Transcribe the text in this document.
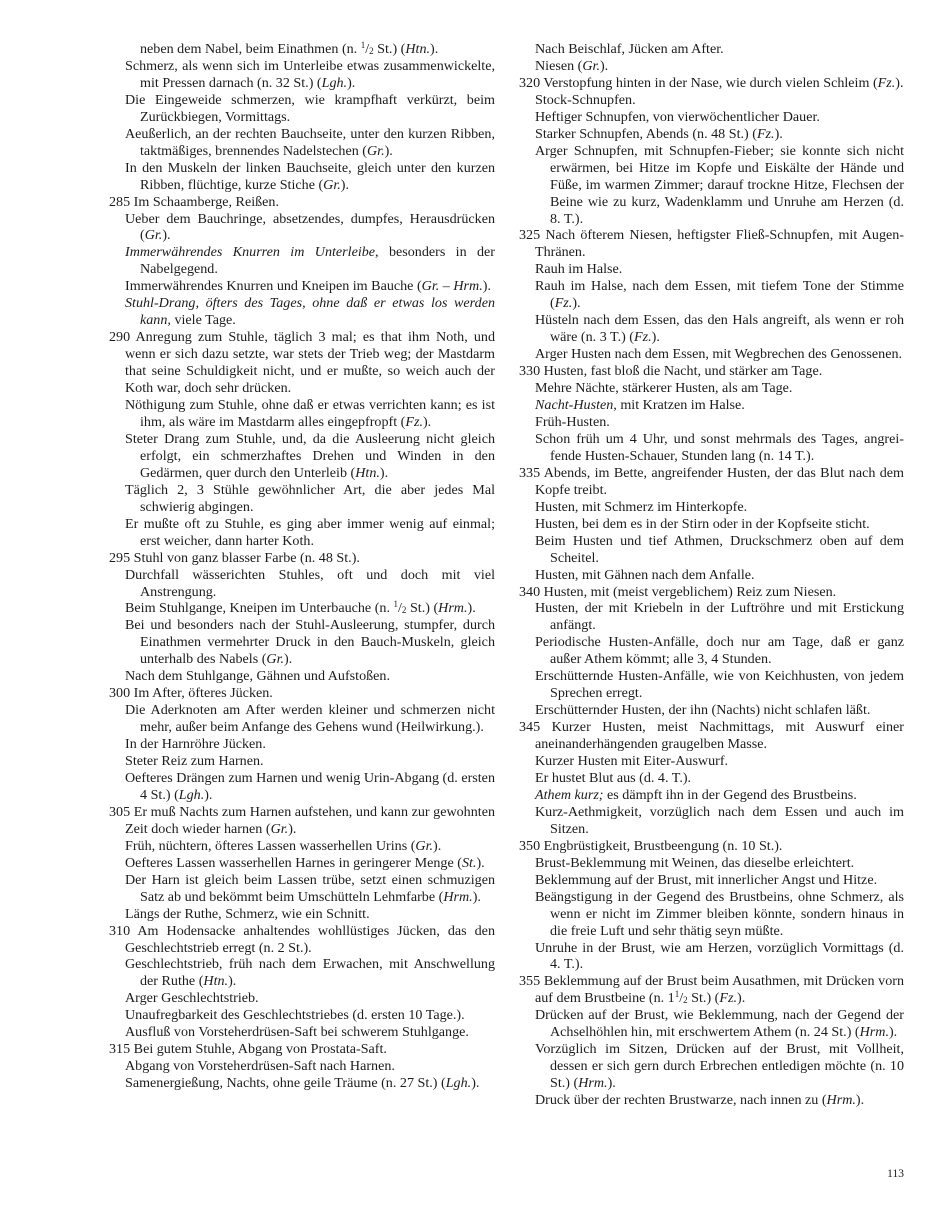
neben dem Nabel, beim Einathmen (n. $^1/_2$ St.) (Htn.).

Schmerz, als wenn sich im Unterleibe etwas zusammenwickelte, mit Pressen darnach (n. 32 St.) (Lgh.).

Die Eingeweide schmerzen, wie krampfhaft verkürzt, beim Zurückbiegen, Vormittags.

Aeußerlich, an der rechten Bauchseite, unter den kurzen Ribben, taktmäßiges, brennendes Nadelstechen (Gr.).

In den Muskeln der linken Bauchseite, gleich unter den kurzen Ribben, flüchtige, kurze Stiche (Gr.).

285 Im Schaamberge, Reißen.

Ueber dem Bauchringe, absetzendes, dumpfes, Herausdrücken (Gr.).

Immerwährendes Knurren im Unterleibe, besonders in der Nabelgegend.

Immerwährendes Knurren und Kneipen im Bauche (Gr. – Hrm.).

Stuhl-Drang, öfters des Tages, ohne daß er etwas los werden kann, viele Tage.

290 Anregung zum Stuhle, täglich 3 mal; es that ihm Noth, und wenn er sich dazu setzte, war stets der Trieb weg; der Mastdarm that seine Schuldigkeit nicht, und er mußte, so weich auch der Koth war, doch sehr drücken.

Nöthigung zum Stuhle, ohne daß er etwas verrichten kann; es ist ihm, als wäre im Mastdarm alles eingepfropft (Fz.).

Steter Drang zum Stuhle, und, da die Ausleerung nicht gleich erfolgt, ein schmerzhaftes Drehen und Winden in den Gedärmen, quer durch den Unterleib (Htn.).

Täglich 2, 3 Stühle gewöhnlicher Art, die aber jedes Mal schwierig abgingen.

Er mußte oft zu Stuhle, es ging aber immer wenig auf einmal; erst weicher, dann harter Koth.

295 Stuhl von ganz blasser Farbe (n. 48 St.).

Durchfall wässerichten Stuhles, oft und doch mit viel Anstrengung.

Beim Stuhlgange, Kneipen im Unterbauche (n. $^1/_2$ St.) (Hrm.).

Bei und besonders nach der Stuhl-Ausleerung, stumpfer, durch Einathmen vermehrter Druck in den Bauch-Muskeln, gleich unterhalb des Nabels (Gr.).

Nach dem Stuhlgange, Gähnen und Aufstoßen.

300 Im After, öfteres Jücken.

Die Aderknoten am After werden kleiner und schmerzen nicht mehr, außer beim Anfange des Gehens wund (Heilwirkung.).

In der Harnröhre Jücken.

Steter Reiz zum Harnen.

Oefteres Drängen zum Harnen und wenig Urin-Abgang (d. ersten 4 St.) (Lgh.).

305 Er muß Nachts zum Harnen aufstehen, und kann zur gewohnten Zeit doch wieder harnen (Gr.).

Früh, nüchtern, öfteres Lassen wasserhellen Urins (Gr.).

Oefteres Lassen wasserhellen Harnes in geringerer Menge (St.).

Der Harn ist gleich beim Lassen trübe, setzt einen schmuzigen Satz ab und bekömmt beim Umschütteln Lehmfarbe (Hrm.).

Längs der Ruthe, Schmerz, wie ein Schnitt.

310 Am Hodensacke anhaltendes wohllüstiges Jücken, das den Geschlechtstrieb erregt (n. 2 St.).

Geschlechtstrieb, früh nach dem Erwachen, mit Anschwellung der Ruthe (Htn.).

Arger Geschlechtstrieb.

Unaufregbarkeit des Geschlechtstriebes (d. ersten 10 Tage.).

Ausfluß von Vorsteherdrüsen-Saft bei schwerem Stuhlgange.

315 Bei gutem Stuhle, Abgang von Prostata-Saft.

Abgang von Vorsteherdrüsen-Saft nach Harnen.

Samenergießung, Nachts, ohne geile Träume (n. 27 St.) (Lgh.).

Nach Beischlaf, Jücken am After.

Niesen (Gr.).

320 Verstopfung hinten in der Nase, wie durch vielen Schleim (Fz.).

Stock-Schnupfen.

Heftiger Schnupfen, von vierwöchentlicher Dauer.

Starker Schnupfen, Abends (n. 48 St.) (Fz.).

Arger Schnupfen, mit Schnupfen-Fieber; sie konnte sich nicht erwärmen, bei Hitze im Kopfe und Eiskälte der Hände und Füße, im warmen Zimmer; darauf trockne Hitze, Flechsen der Beine wie zu kurz, Wadenklamm und Unruhe am Herzen (d. 8. T.).

325 Nach öfterem Niesen, heftigster Fließ-Schnupfen, mit Augen-Thränen.

Rauh im Halse.

Rauh im Halse, nach dem Essen, mit tiefem Tone der Stimme (Fz.).

Hüsteln nach dem Essen, das den Hals angreift, als wenn er roh wäre (n. 3 T.) (Fz.).

Arger Husten nach dem Essen, mit Wegbrechen des Genossenen.

330 Husten, fast bloß die Nacht, und stärker am Tage.

Mehre Nächte, stärkerer Husten, als am Tage.

Nacht-Husten, mit Kratzen im Halse.

Früh-Husten.

Schon früh um 4 Uhr, und sonst mehrmals des Tages, angreifende Husten-Schauer, Stunden lang (n. 14 T.).

335 Abends, im Bette, angreifender Husten, der das Blut nach dem Kopfe treibt.

Husten, mit Schmerz im Hinterkopfe.

Husten, bei dem es in der Stirn oder in der Kopfseite sticht.

Beim Husten und tief Athmen, Druckschmerz oben auf dem Scheitel.

Husten, mit Gähnen nach dem Anfalle.

340 Husten, mit (meist vergeblichem) Reiz zum Niesen.

Husten, der mit Kriebeln in der Luftröhre und mit Erstickung anfängt.

Periodische Husten-Anfälle, doch nur am Tage, daß er ganz außer Athem kömmt; alle 3, 4 Stunden.

Erschütternde Husten-Anfälle, wie von Keichhusten, von jedem Sprechen erregt.

Erschütternder Husten, der ihn (Nachts) nicht schlafen läßt.

345 Kurzer Husten, meist Nachmittags, mit Auswurf einer aneinanderhängenden graugelben Masse.

Kurzer Husten mit Eiter-Auswurf.

Er hustet Blut aus (d. 4. T.).

Athem kurz; es dämpft ihn in der Gegend des Brustbeins.

Kurz-Aethmigkeit, vorzüglich nach dem Essen und auch im Sitzen.

350 Engbrüstigkeit, Brustbeengung (n. 10 St.).

Brust-Beklemmung mit Weinen, das dieselbe erleichtert.

Beklemmung auf der Brust, mit innerlicher Angst und Hitze.

Beängstigung in der Gegend des Brustbeins, ohne Schmerz, als wenn er nicht im Zimmer bleiben könnte, sondern hinaus in die freie Luft und sehr thätig seyn müßte.

Unruhe in der Brust, wie am Herzen, vorzüglich Vormittags (d. 4. T.).

355 Beklemmung auf der Brust beim Ausathmen, mit Drücken vorn auf dem Brustbeine (n. $1^1/_2$ St.) (Fz.).

Drücken auf der Brust, wie Beklemmung, nach der Gegend der Achselhöhlen hin, mit erschwertem Athem (n. 24 St.) (Hrm.).

Vorzüglich im Sitzen, Drücken auf der Brust, mit Vollheit, dessen er sich gern durch Erbrechen entledigen möchte (n. 10 St.) (Hrm.).

Druck über der rechten Brustwarze, nach innen zu (Hrm.).

113
